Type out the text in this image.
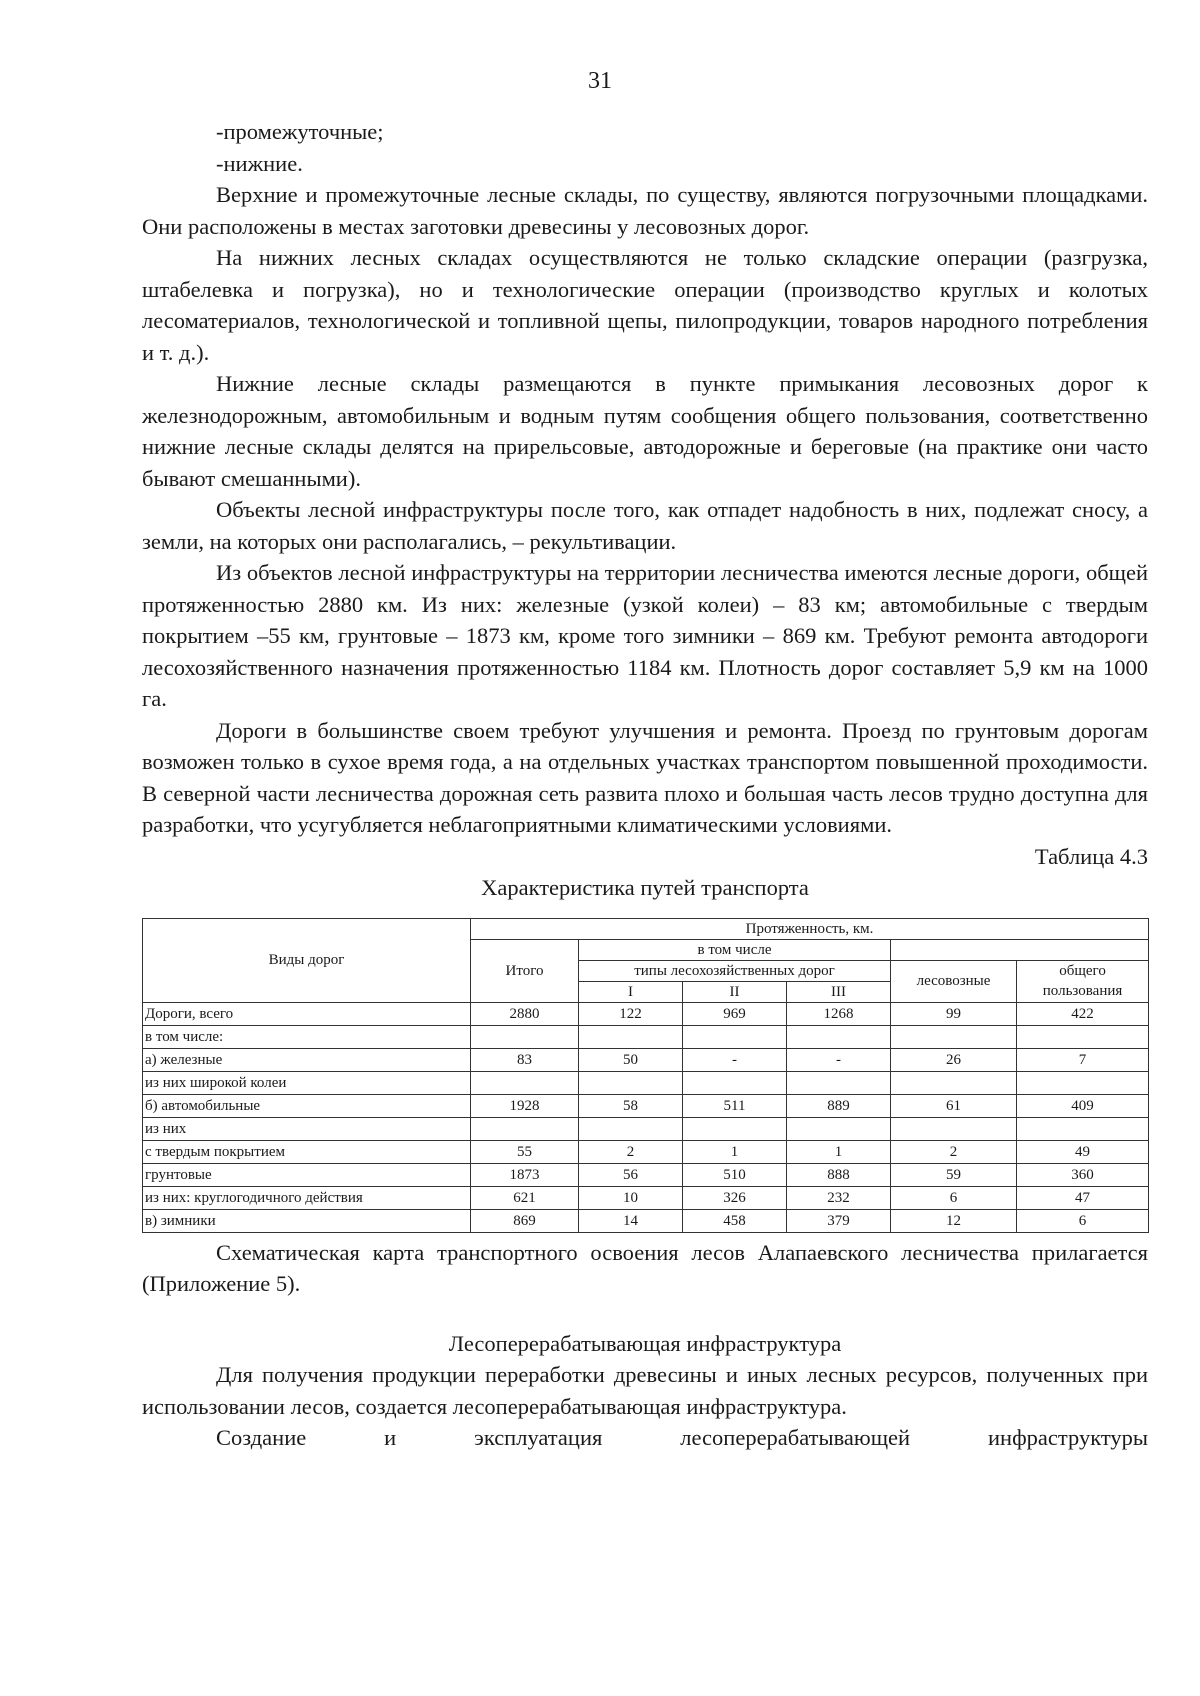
31

-промежуточные;

-нижние.

Верхние и промежуточные лесные склады, по существу, являются погрузочными площадками. Они расположены в местах заготовки древесины у лесовозных дорог.

На нижних лесных складах осуществляются не только складские операции (разгрузка, штабелевка и погрузка), но и технологические операции (производство круглых и колотых лесоматериалов, технологической и топливной щепы, пилопродукции, товаров народного потребления и т. д.).

Нижние лесные склады размещаются в пункте примыкания лесовозных дорог к железнодорожным, автомобильным и водным путям сообщения общего пользования, соответственно нижние лесные склады делятся на прирельсовые, автодорожные и береговые (на практике они часто бывают смешанными).

Объекты лесной инфраструктуры после того, как отпадет надобность в них, подлежат сносу, а земли, на которых они располагались, – рекультивации.

Из объектов лесной инфраструктуры на территории лесничества имеются лесные дороги, общей протяженностью 2880 км. Из них: железные (узкой колеи) – 83 км; автомобильные с твердым покрытием –55 км, грунтовые – 1873 км, кроме того зимники – 869 км. Требуют ремонта автодороги лесохозяйственного назначения протяженностью 1184 км. Плотность дорог составляет 5,9 км на 1000 га.

Дороги в большинстве своем требуют улучшения и ремонта. Проезд по грунтовым дорогам возможен только в сухое время года, а на отдельных участках транспортом повышенной проходимости. В северной части лесничества дорожная сеть развита плохо и большая часть лесов трудно доступна для разработки, что усугубляется неблагоприятными климатическими условиями.

Таблица 4.3

Характеристика путей транспорта

Виды дорог	Протяженность, км.					
	Итого	в том числе				
		типы лесохозяйственных дорог			лесовозные	общего пользования
		I	II	III		
Дороги, всего	2880	122	969	1268	99	422
в том числе:						
а) железные	83	50	-	-	26	7
из них широкой колеи						
б) автомобильные	1928	58	511	889	61	409
из них						
с твердым покрытием	55	2	1	1	2	49
грунтовые	1873	56	510	888	59	360
из них: круглогодичного действия	621	10	326	232	6	47
в) зимники	869	14	458	379	12	6

Схематическая карта транспортного освоения лесов Алапаевского лесничества прилагается (Приложение 5).

Лесоперерабатывающая инфраструктура

Для получения продукции переработки древесины и иных лесных ресурсов, полученных при использовании лесов, создается лесоперерабатывающая инфраструктура.

Создание и эксплуатация лесоперерабатывающей инфраструктуры
